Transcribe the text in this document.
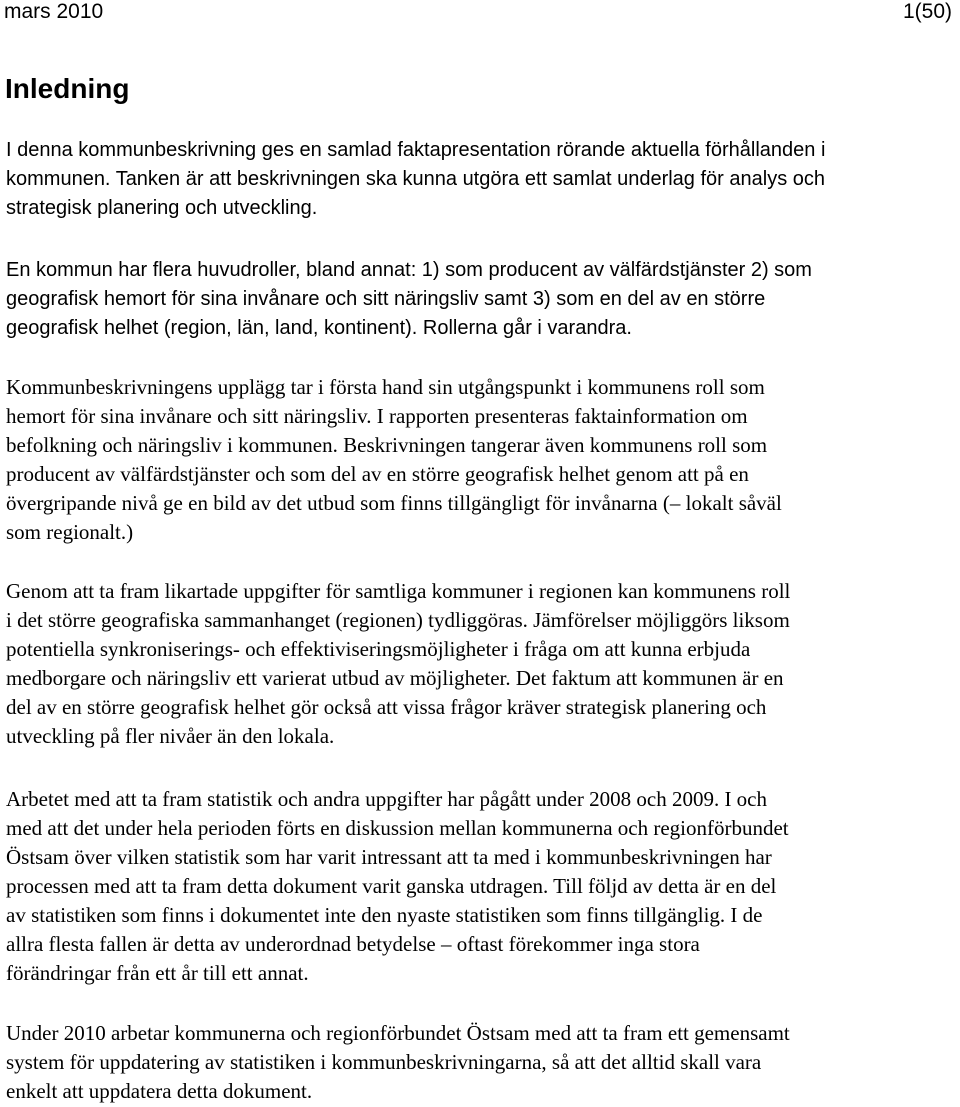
mars 2010	1(50)
Inledning
I denna kommunbeskrivning ges en samlad faktapresentation rörande aktuella förhållanden i
kommunen. Tanken är att beskrivningen ska kunna utgöra ett samlat underlag för analys och
strategisk planering och utveckling.
En kommun har flera huvudroller, bland annat: 1) som producent av välfärdstjänster 2) som
geografisk hemort för sina invånare och sitt näringsliv samt 3) som en del av en större
geografisk helhet (region, län, land, kontinent). Rollerna går i varandra.
Kommunbeskrivningens upplägg tar i första hand sin utgångspunkt i kommunens roll som
hemort för sina invånare och sitt näringsliv. I rapporten presenteras faktainformation om
befolkning och näringsliv i kommunen. Beskrivningen tangerar även kommunens roll som
producent av välfärdstjänster och som del av en större geografisk helhet genom att på en
övergripande nivå ge en bild av det utbud som finns tillgängligt för invånarna (– lokalt såväl
som regionalt.)
Genom att ta fram likartade uppgifter för samtliga kommuner i regionen kan kommunens roll
i det större geografiska sammanhanget (regionen) tydliggöras. Jämförelser möjliggörs liksom
potentiella synkroniserings- och effektiviseringsmöjligheter i fråga om att kunna erbjuda
medborgare och näringsliv ett varierat utbud av möjligheter. Det faktum att kommunen är en
del av en större geografisk helhet gör också att vissa frågor kräver strategisk planering och
utveckling på fler nivåer än den lokala.
Arbetet med att ta fram statistik och andra uppgifter har pågått under 2008 och 2009. I och
med att det under hela perioden förts en diskussion mellan kommunerna och regionförbundet
Östsam över vilken statistik som har varit intressant att ta med i kommunbeskrivningen har
processen med att ta fram detta dokument varit ganska utdragen. Till följd av detta är en del
av statistiken som finns i dokumentet inte den nyaste statistiken som finns tillgänglig. I de
allra flesta fallen är detta av underordnad betydelse – oftast förekommer inga stora
förändringar från ett år till ett annat.
Under 2010 arbetar kommunerna och regionförbundet Östsam med att ta fram ett gemensamt
system för uppdatering av statistiken i kommunbeskrivningarna, så att det alltid skall vara
enkelt att uppdatera detta dokument.
